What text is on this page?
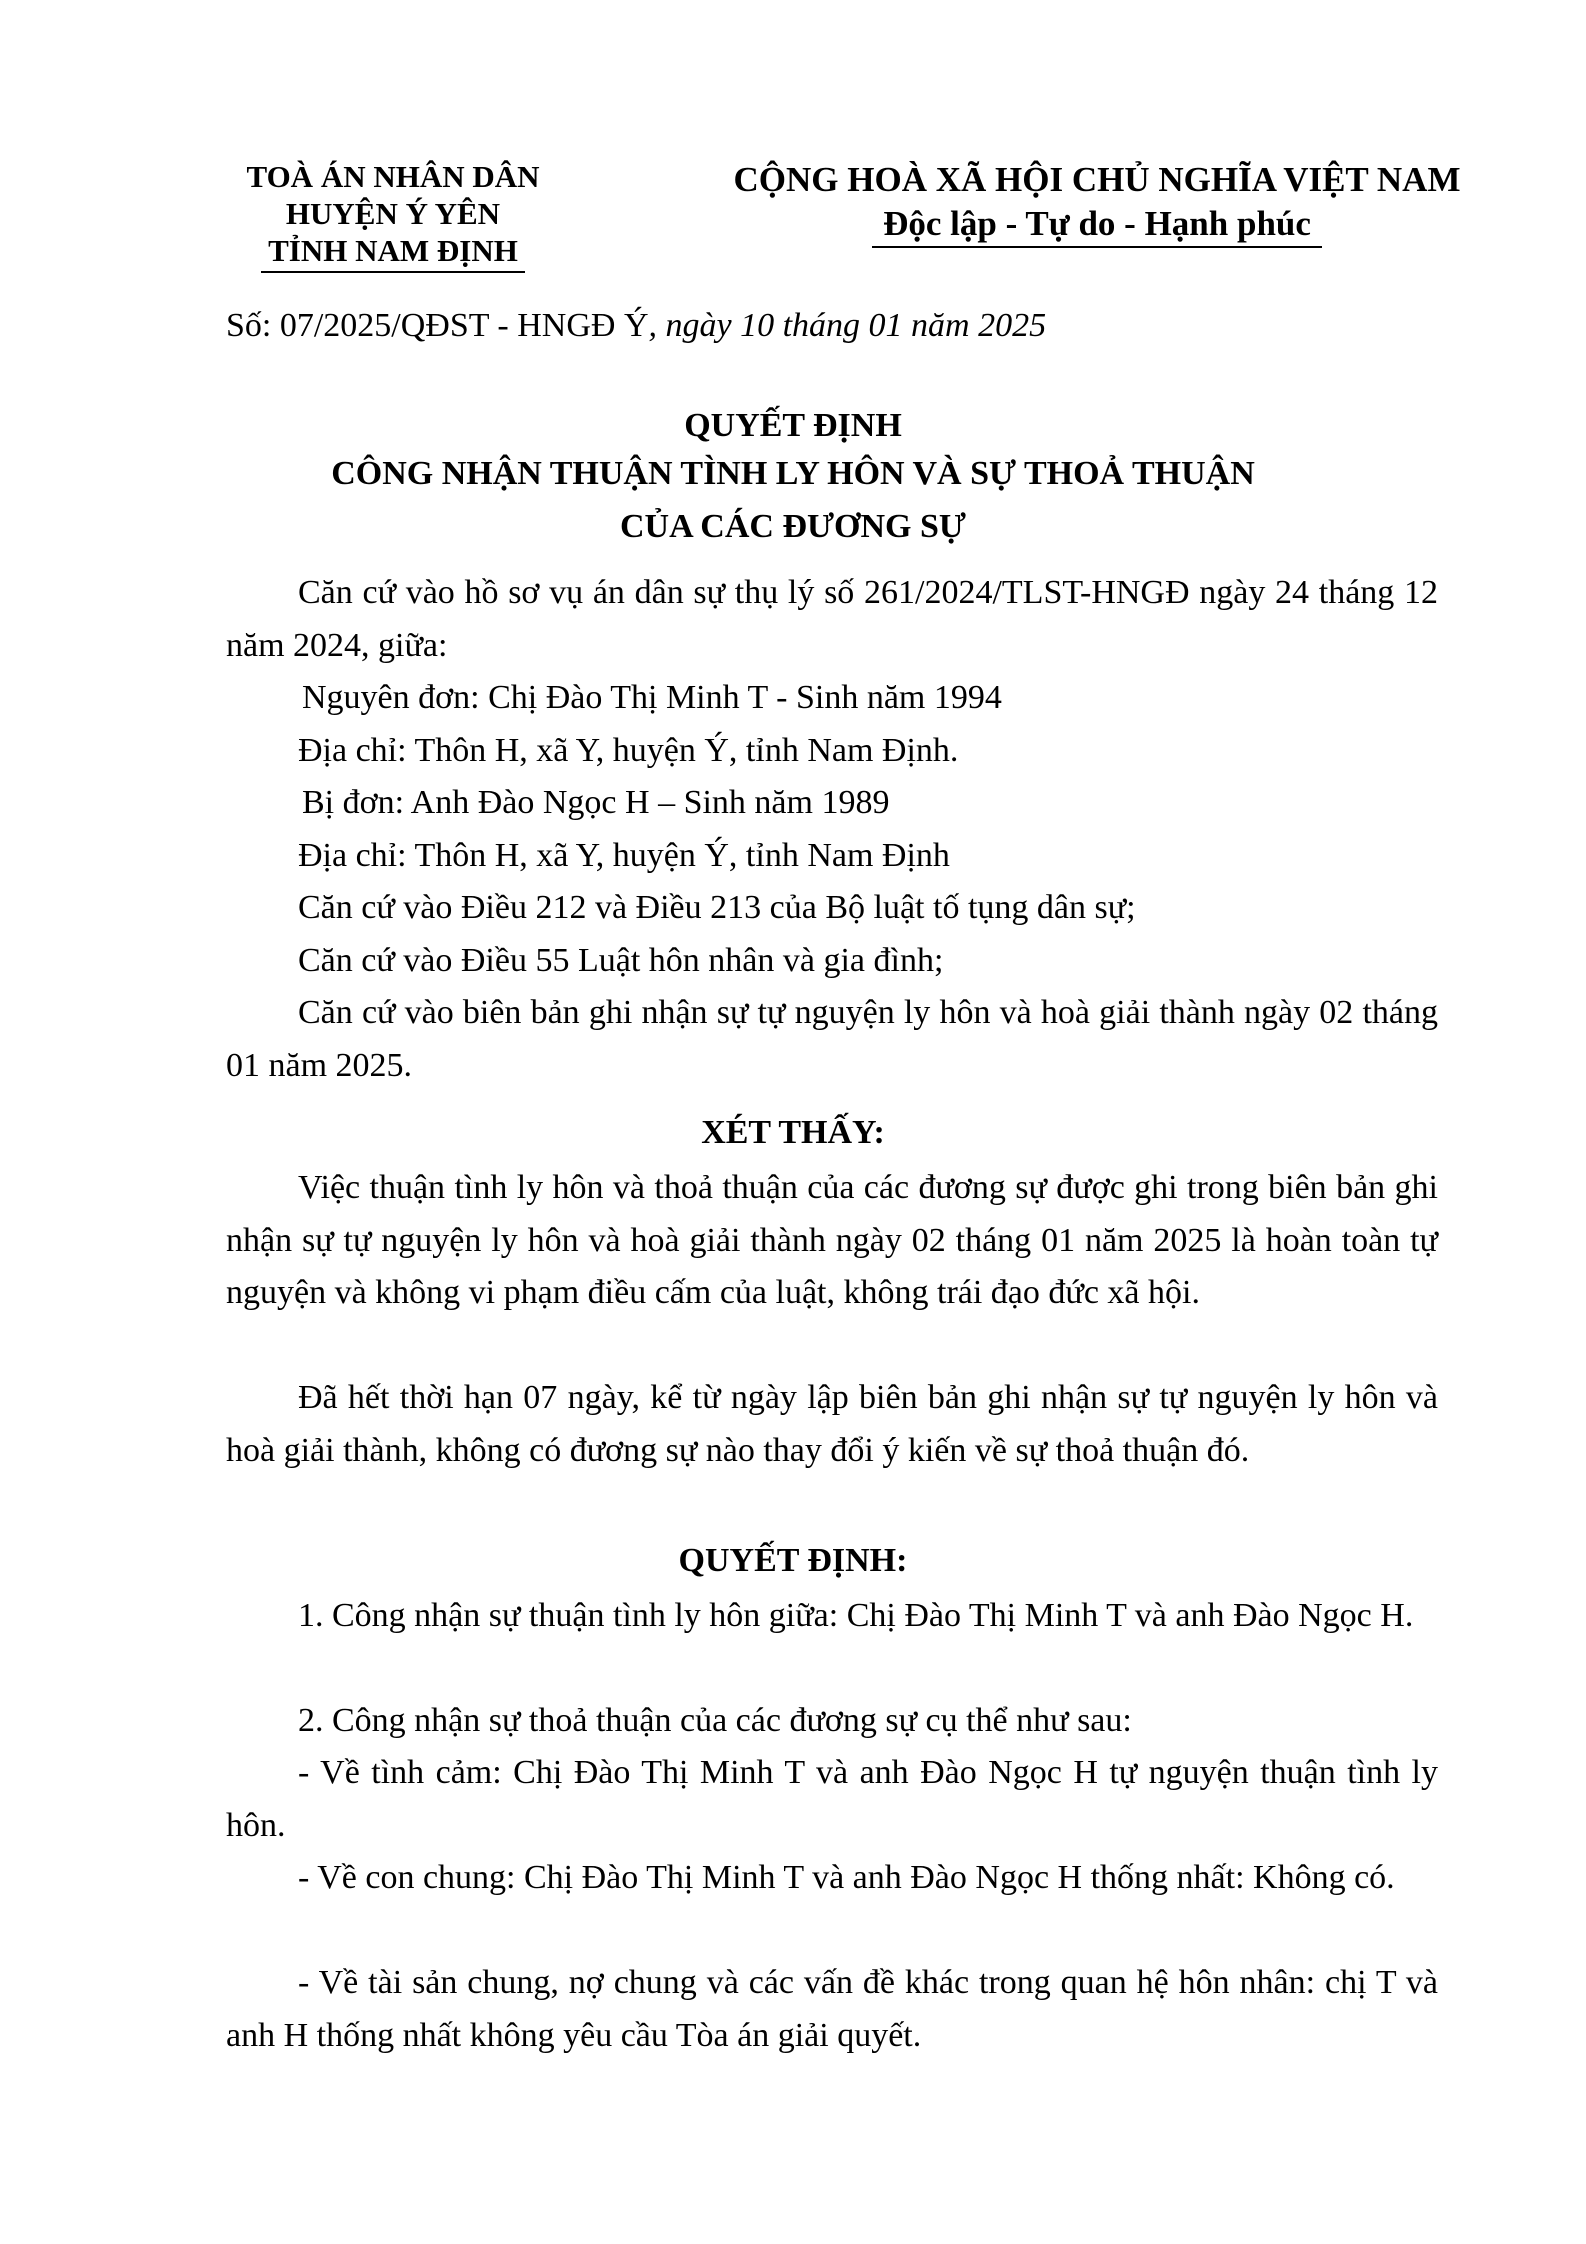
TOÀ ÁN NHÂN DÂN
HUYỆN Ý YÊN
TỈNH NAM ĐỊNH
CỘNG HOÀ XÃ HỘI CHỦ NGHĨA VIỆT NAM
Độc lập - Tự do - Hạnh phúc
Số: 07/2025/QĐST - HNGĐ Ý, ngày 10 tháng 01 năm 2025
QUYẾT ĐỊNH
CÔNG NHẬN THUẬN TÌNH LY HÔN VÀ SỰ THOẢ THUẬN
CỦA CÁC ĐƯƠNG SỰ
Căn cứ vào hồ sơ vụ án dân sự thụ lý số 261/2024/TLST-HNGĐ ngày 24 tháng 12 năm 2024, giữa:
Nguyên đơn: Chị Đào Thị Minh T - Sinh năm 1994
Địa chỉ: Thôn H, xã Y, huyện Ý, tỉnh Nam Định.
Bị đơn: Anh Đào Ngọc H – Sinh năm 1989
Địa chỉ: Thôn H, xã Y, huyện Ý, tỉnh Nam Định
Căn cứ vào Điều 212 và Điều 213 của Bộ luật tố tụng dân sự;
Căn cứ vào Điều 55 Luật hôn nhân và gia đình;
Căn cứ vào biên bản ghi nhận sự tự nguyện ly hôn và hoà giải thành ngày 02 tháng 01 năm 2025.
XÉT THẤY:
Việc thuận tình ly hôn và thoả thuận của các đương sự được ghi trong biên bản ghi nhận sự tự nguyện ly hôn và hoà giải thành ngày 02 tháng 01 năm 2025 là hoàn toàn tự nguyện và không vi phạm điều cấm của luật, không trái đạo đức xã hội.
Đã hết thời hạn 07 ngày, kể từ ngày lập biên bản ghi nhận sự tự nguyện ly hôn và hoà giải thành, không có đương sự nào thay đổi ý kiến về sự thoả thuận đó.
QUYẾT ĐỊNH:
1. Công nhận sự thuận tình ly hôn giữa: Chị Đào Thị Minh T và anh Đào Ngọc H.
2. Công nhận sự thoả thuận của các đương sự cụ thể như sau:
- Về tình cảm: Chị Đào Thị Minh T và anh Đào Ngọc H tự nguyện thuận tình ly hôn.
- Về con chung: Chị Đào Thị Minh T và anh Đào Ngọc H thống nhất: Không có.
- Về tài sản chung, nợ chung và các vấn đề khác trong quan hệ hôn nhân: chị T và anh H thống nhất không yêu cầu Tòa án giải quyết.
